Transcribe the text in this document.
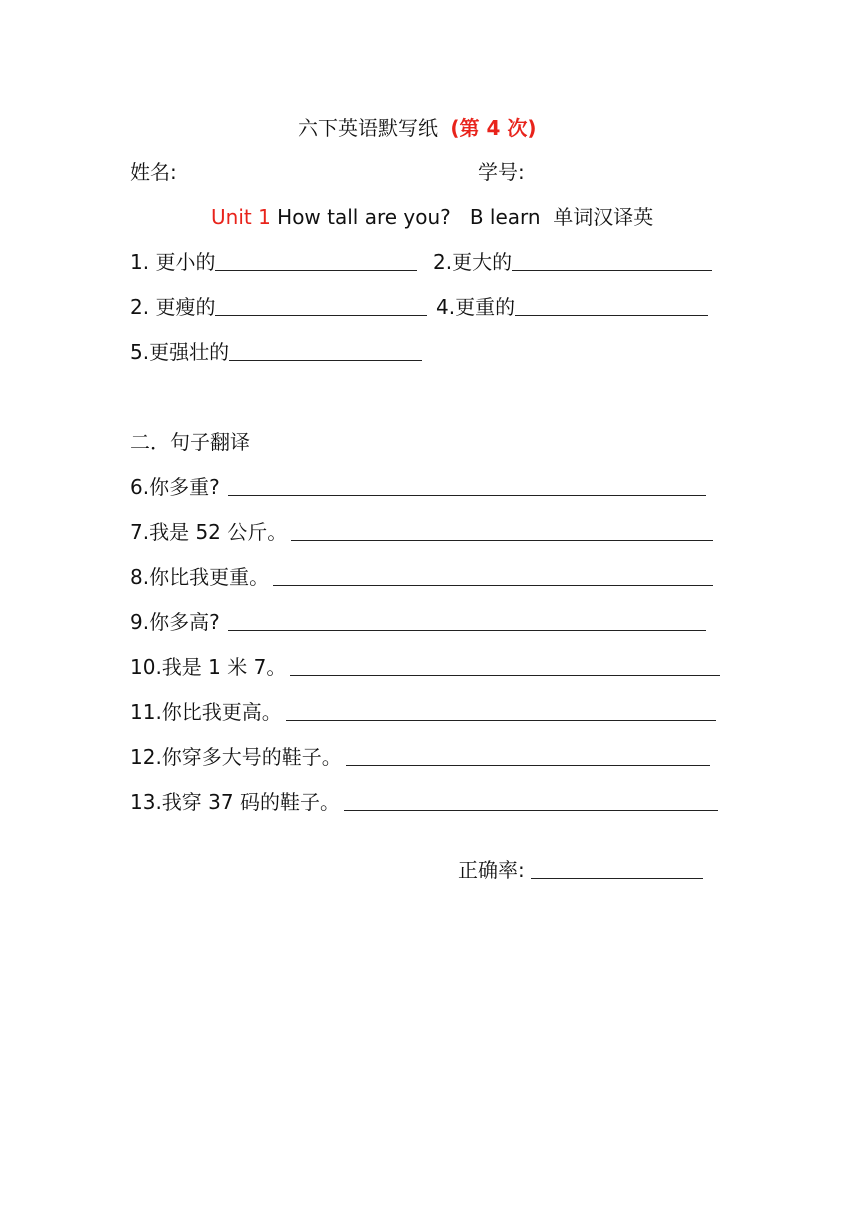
六下英语默写纸 (第 4 次)
姓名:	学号:
Unit 1 How tall are you?   B learn  单词汉译英
1. 更小的	2.更大的
2. 更瘦的	4.更重的
5.更强壮的
二．句子翻译
6.你多重?
7.我是 52 公斤。
8.你比我更重。
9.你多高?
10.我是 1 米 7。
11.你比我更高。
12.你穿多大号的鞋子。
13.我穿 37 码的鞋子。
正确率:
